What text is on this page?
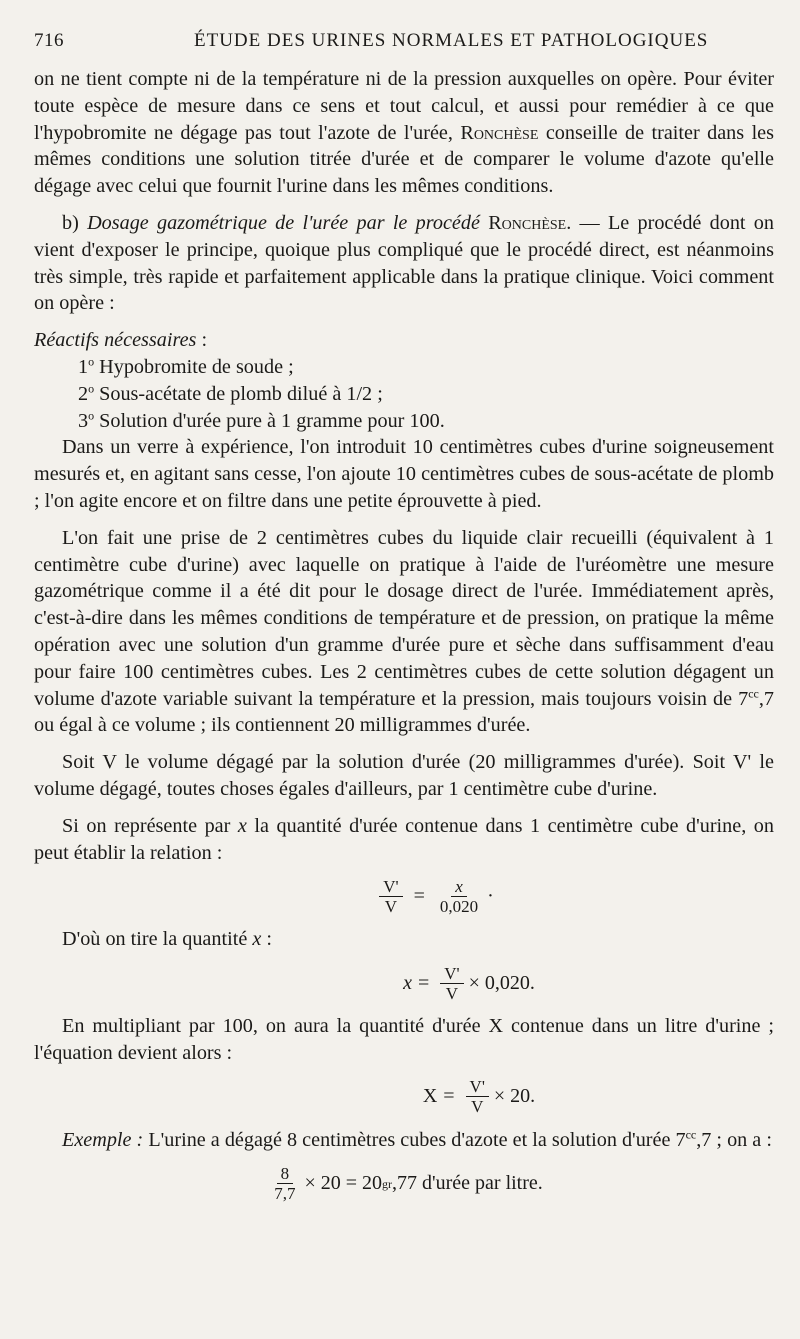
716	ÉTUDE DES URINES NORMALES ET PATHOLOGIQUES

on ne tient compte ni de la température ni de la pression auxquelles on opère. Pour éviter toute espèce de mesure dans ce sens et tout calcul, et aussi pour remédier à ce que l'hypobromite ne dégage pas tout l'azote de l'urée, Ronchèse conseille de traiter dans les mêmes conditions une solution titrée d'urée et de comparer le volume d'azote qu'elle dégage avec celui que fournit l'urine dans les mêmes conditions.

b) Dosage gazométrique de l'urée par le procédé Ronchèse. — Le procédé dont on vient d'exposer le principe, quoique plus compliqué que le procédé direct, est néanmoins très simple, très rapide et parfaitement applicable dans la pratique clinique. Voici comment on opère :

Réactifs nécessaires :

1$^o$ Hypobromite de soude ;
2$^o$ Sous-acétate de plomb dilué à 1/2 ;
3$^o$ Solution d'urée pure à 1 gramme pour 100.

Dans un verre à expérience, l'on introduit 10 centimètres cubes d'urine soigneusement mesurés et, en agitant sans cesse, l'on ajoute 10 centimètres cubes de sous-acétate de plomb ; l'on agite encore et on filtre dans une petite éprouvette à pied.

L'on fait une prise de 2 centimètres cubes du liquide clair recueilli (équivalent à 1 centimètre cube d'urine) avec laquelle on pratique à l'aide de l'uréomètre une mesure gazométrique comme il a été dit pour le dosage direct de l'urée. Immédiatement après, c'est-à-dire dans les mêmes conditions de température et de pression, on pratique la même opération avec une solution d'un gramme d'urée pure et sèche dans suffisamment d'eau pour faire 100 centimètres cubes. Les 2 centimètres cubes de cette solution dégagent un volume d'azote variable suivant la température et la pression, mais toujours voisin de $7^{cc},7$ ou égal à ce volume ; ils contiennent 20 milligrammes d'urée.

Soit V le volume dégagé par la solution d'urée (20 milligrammes d'urée). Soit V' le volume dégagé, toutes choses égales d'ailleurs, par 1 centimètre cube d'urine.

Si on représente par x la quantité d'urée contenue dans 1 centimètre cube d'urine, on peut établir la relation :

$\frac{V'}{V} = \frac{x}{0,020}$ ·

D'où on tire la quantité x :

$x = \frac{V'}{V} \times 0,020$.

En multipliant par 100, on aura la quantité d'urée X contenue dans un litre d'urine ; l'équation devient alors :

$X = \frac{V'}{V} \times 20$.

Exemple : L'urine a dégagé 8 centimètres cubes d'azote et la solution d'urée $7^{cc},7$ ; on a :

$\frac{8}{7,7} \times 20 = 20$ gr ,77 d'urée par litre.
